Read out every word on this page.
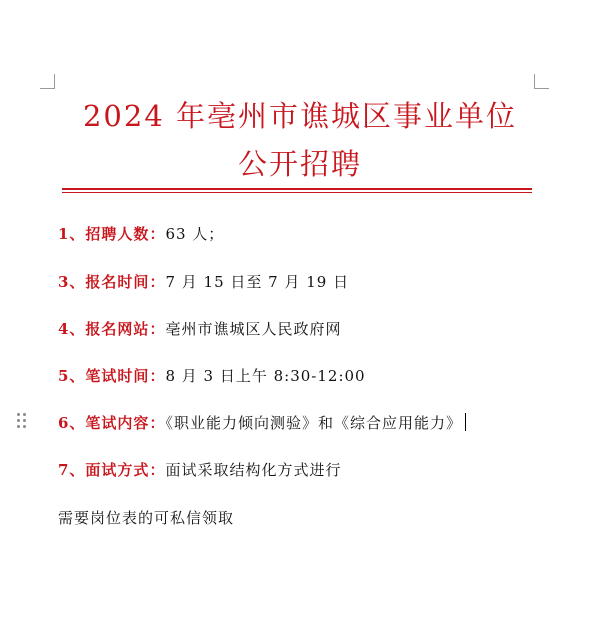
2024 年亳州市谯城区事业单位
公开招聘
1、招聘人数：63 人；
3、报名时间：7 月 15 日至 7 月 19 日
4、报名网站：亳州市谯城区人民政府网
5、笔试时间：8 月 3 日上午 8:30-12:00
6、笔试内容：《职业能力倾向测验》和《综合应用能力》
7、面试方式：面试采取结构化方式进行
需要岗位表的可私信领取
